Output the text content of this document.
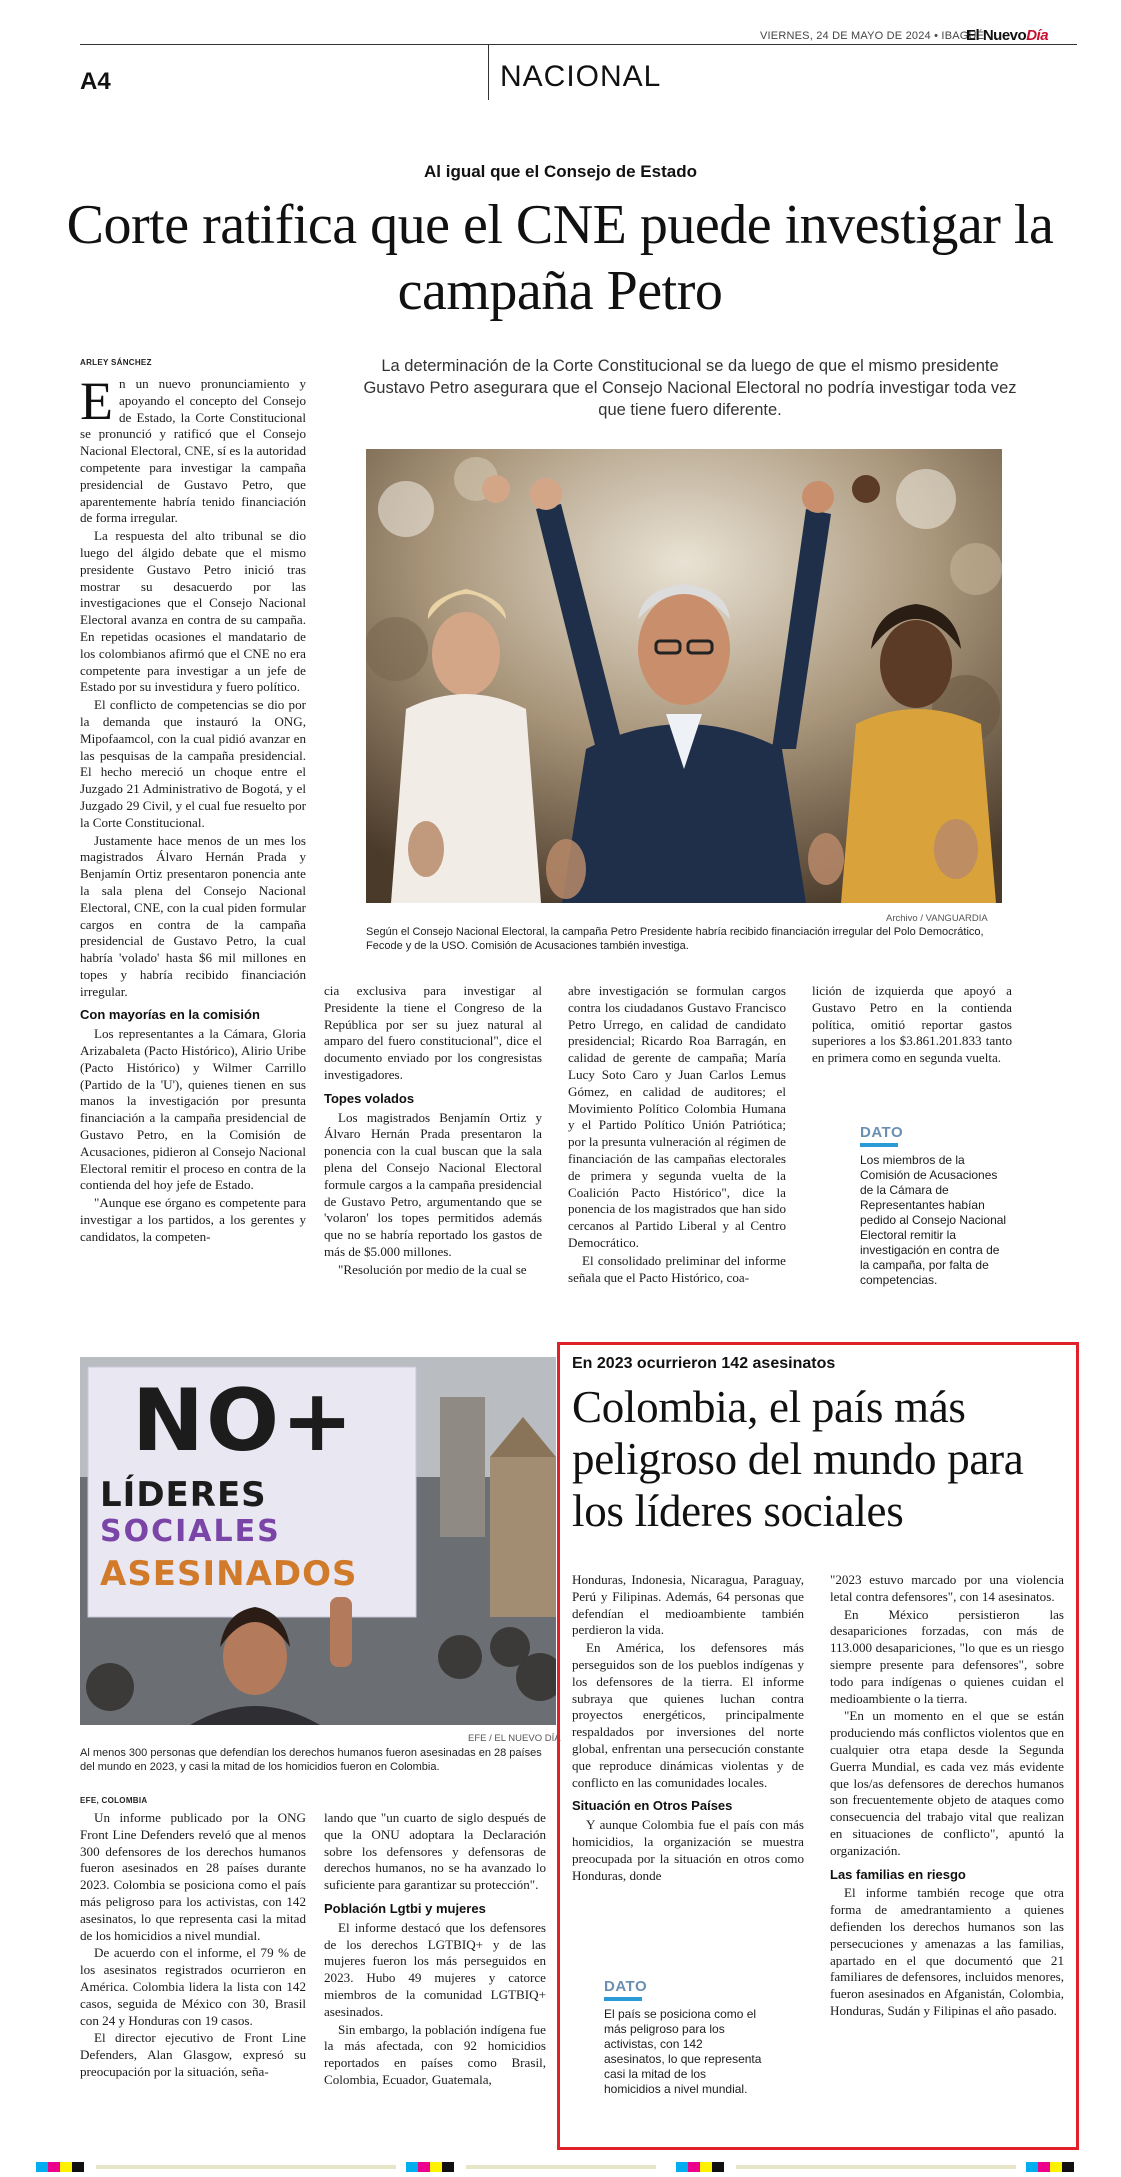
VIERNES, 24 DE MAYO DE 2024 • IBAGUÉ
El NuevoDía
A4	NACIONAL
Al igual que el Consejo de Estado
Corte ratifica que el CNE puede investigar la campaña Petro
La determinación de la Corte Constitucional se da luego de que el mismo presidente Gustavo Petro asegurara que el Consejo Nacional Electoral no podría investigar toda vez que tiene fuero diferente.
ARLEY SÁNCHEZ
E n un nuevo pronunciamiento y apoyando el concepto del Consejo de Estado, la Corte Constitucional se pronunció y ratificó que el Consejo Nacional Electoral, CNE, sí es la autoridad competente para investigar la campaña presidencial de Gustavo Petro, que aparentemente habría tenido financiación de forma irregular.

La respuesta del alto tribunal se dio luego del álgido debate que el mismo presidente Gustavo Petro inició tras mostrar su desacuerdo por las investigaciones que el Consejo Nacional Electoral avanza en contra de su campaña. En repetidas ocasiones el mandatario de los colombianos afirmó que el CNE no era competente para investigar a un jefe de Estado por su investidura y fuero político.

El conflicto de competencias se dio por la demanda que instauró la ONG, Mipofaamcol, con la cual pidió avanzar en las pesquisas de la campaña presidencial. El hecho mereció un choque entre el Juzgado 21 Administrativo de Bogotá, y el Juzgado 29 Civil, y el cual fue resuelto por la Corte Constitucional.

Justamente hace menos de un mes los magistrados Álvaro Hernán Prada y Benjamín Ortiz presentaron ponencia ante la sala plena del Consejo Nacional Electoral, CNE, con la cual piden formular cargos en contra de la campaña presidencial de Gustavo Petro, la cual habría 'volado' hasta $6 mil millones en topes y habría recibido financiación irregular.

Con mayorías en la comisión

Los representantes a la Cámara, Gloria Arizabaleta (Pacto Histórico), Alirio Uribe (Pacto Histórico) y Wilmer Carrillo (Partido de la 'U'), quienes tienen en sus manos la investigación por presunta financiación a la campaña presidencial de Gustavo Petro, en la Comisión de Acusaciones, pidieron al Consejo Nacional Electoral remitir el proceso en contra de la contienda del hoy jefe de Estado.

"Aunque ese órgano es competente para investigar a los partidos, a los gerentes y candidatos, la competen-

Archivo / VANGUARDIA
Según el Consejo Nacional Electoral, la campaña Petro Presidente habría recibido financiación irregular del Polo Democrático, Fecode y de la USO. Comisión de Acusaciones también investiga.

cia exclusiva para investigar al Presidente la tiene el Congreso de la República por ser su juez natural al amparo del fuero constitucional", dice el documento enviado por los congresistas investigadores.

Topes volados

Los magistrados Benjamín Ortiz y Álvaro Hernán Prada presentaron la ponencia con la cual buscan que la sala plena del Consejo Nacional Electoral formule cargos a la campaña presidencial de Gustavo Petro, argumentando que se 'volaron' los topes permitidos además que no se habría reportado los gastos de más de $5.000 millones.

"Resolución por medio de la cual se

abre investigación se formulan cargos contra los ciudadanos Gustavo Francisco Petro Urrego, en calidad de candidato presidencial; Ricardo Roa Barragán, en calidad de gerente de campaña; María Lucy Soto Caro y Juan Carlos Lemus Gómez, en calidad de auditores; el Movimiento Político Colombia Humana y el Partido Político Unión Patriótica; por la presunta vulneración al régimen de financiación de las campañas electorales de primera y segunda vuelta de la Coalición Pacto Histórico", dice la ponencia de los magistrados que han sido cercanos al Partido Liberal y al Centro Democrático.

El consolidado preliminar del informe señala que el Pacto Histórico, coa-

lición de izquierda que apoyó a Gustavo Petro en la contienda política, omitió reportar gastos superiores a los $3.861.201.833 tanto en primera como en segunda vuelta.

DATO
Los miembros de la Comisión de Acusaciones de la Cámara de Representantes habían pedido al Consejo Nacional Electoral remitir la investigación en contra de la campaña, por falta de competencias.
NO+
LÍDERES
SOCIALES
ASESINADOS
EFE / EL NUEVO DÍA
Al menos 300 personas que defendían los derechos humanos fueron asesinadas en 28 países del mundo en 2023, y casi la mitad de los homicidios fueron en Colombia.
En 2023 ocurrieron 142 asesinatos
Colombia, el país más peligroso del mundo para los líderes sociales
EFE, COLOMBIA

Un informe publicado por la ONG Front Line Defenders reveló que al menos 300 defensores de los derechos humanos fueron asesinados en 28 países durante 2023. Colombia se posiciona como el país más peligroso para los activistas, con 142 asesinatos, lo que representa casi la mitad de los homicidios a nivel mundial.

De acuerdo con el informe, el 79 % de los asesinatos registrados ocurrieron en América. Colombia lidera la lista con 142 casos, seguida de México con 30, Brasil con 24 y Honduras con 19 casos.

El director ejecutivo de Front Line Defenders, Alan Glasgow, expresó su preocupación por la situación, seña-

lando que "un cuarto de siglo después de que la ONU adoptara la Declaración sobre los defensores y defensoras de derechos humanos, no se ha avanzado lo suficiente para garantizar su protección".

Población Lgtbi y mujeres

El informe destacó que los defensores de los derechos LGTBIQ+ y de las mujeres fueron los más perseguidos en 2023. Hubo 49 mujeres y catorce miembros de la comunidad LGTBIQ+ asesinados.

Sin embargo, la población indígena fue la más afectada, con 92 homicidios reportados en países como Brasil, Colombia, Ecuador, Guatemala,

Honduras, Indonesia, Nicaragua, Paraguay, Perú y Filipinas. Además, 64 personas que defendían el medioambiente también perdieron la vida.

En América, los defensores más perseguidos son de los pueblos indígenas y los defensores de la tierra. El informe subraya que quienes luchan contra proyectos energéticos, principalmente respaldados por inversiones del norte global, enfrentan una persecución constante que reproduce dinámicas violentas y de conflicto en las comunidades locales.

Situación en Otros Países

Y aunque Colombia fue el país con más homicidios, la organización se muestra preocupada por la situación en otros como Honduras, donde

DATO
El país se posiciona como el más peligroso para los activistas, con 142 asesinatos, lo que representa casi la mitad de los homicidios a nivel mundial.

"2023 estuvo marcado por una violencia letal contra defensores", con 14 asesinatos.

En México persistieron las desapariciones forzadas, con más de 113.000 desapariciones, "lo que es un riesgo siempre presente para defensores", sobre todo para indígenas o quienes cuidan el medioambiente o la tierra.

"En un momento en el que se están produciendo más conflictos violentos que en cualquier otra etapa desde la Segunda Guerra Mundial, es cada vez más evidente que los/as defensores de derechos humanos son frecuentemente objeto de ataques como consecuencia del trabajo vital que realizan en situaciones de conflicto", apuntó la organización.

Las familias en riesgo

El informe también recoge que otra forma de amedrantamiento a quienes defienden los derechos humanos son las persecuciones y amenazas a las familias, apartado en el que documentó que 21 familiares de defensores, incluidos menores, fueron asesinados en Afganistán, Colombia, Honduras, Sudán y Filipinas el año pasado.
